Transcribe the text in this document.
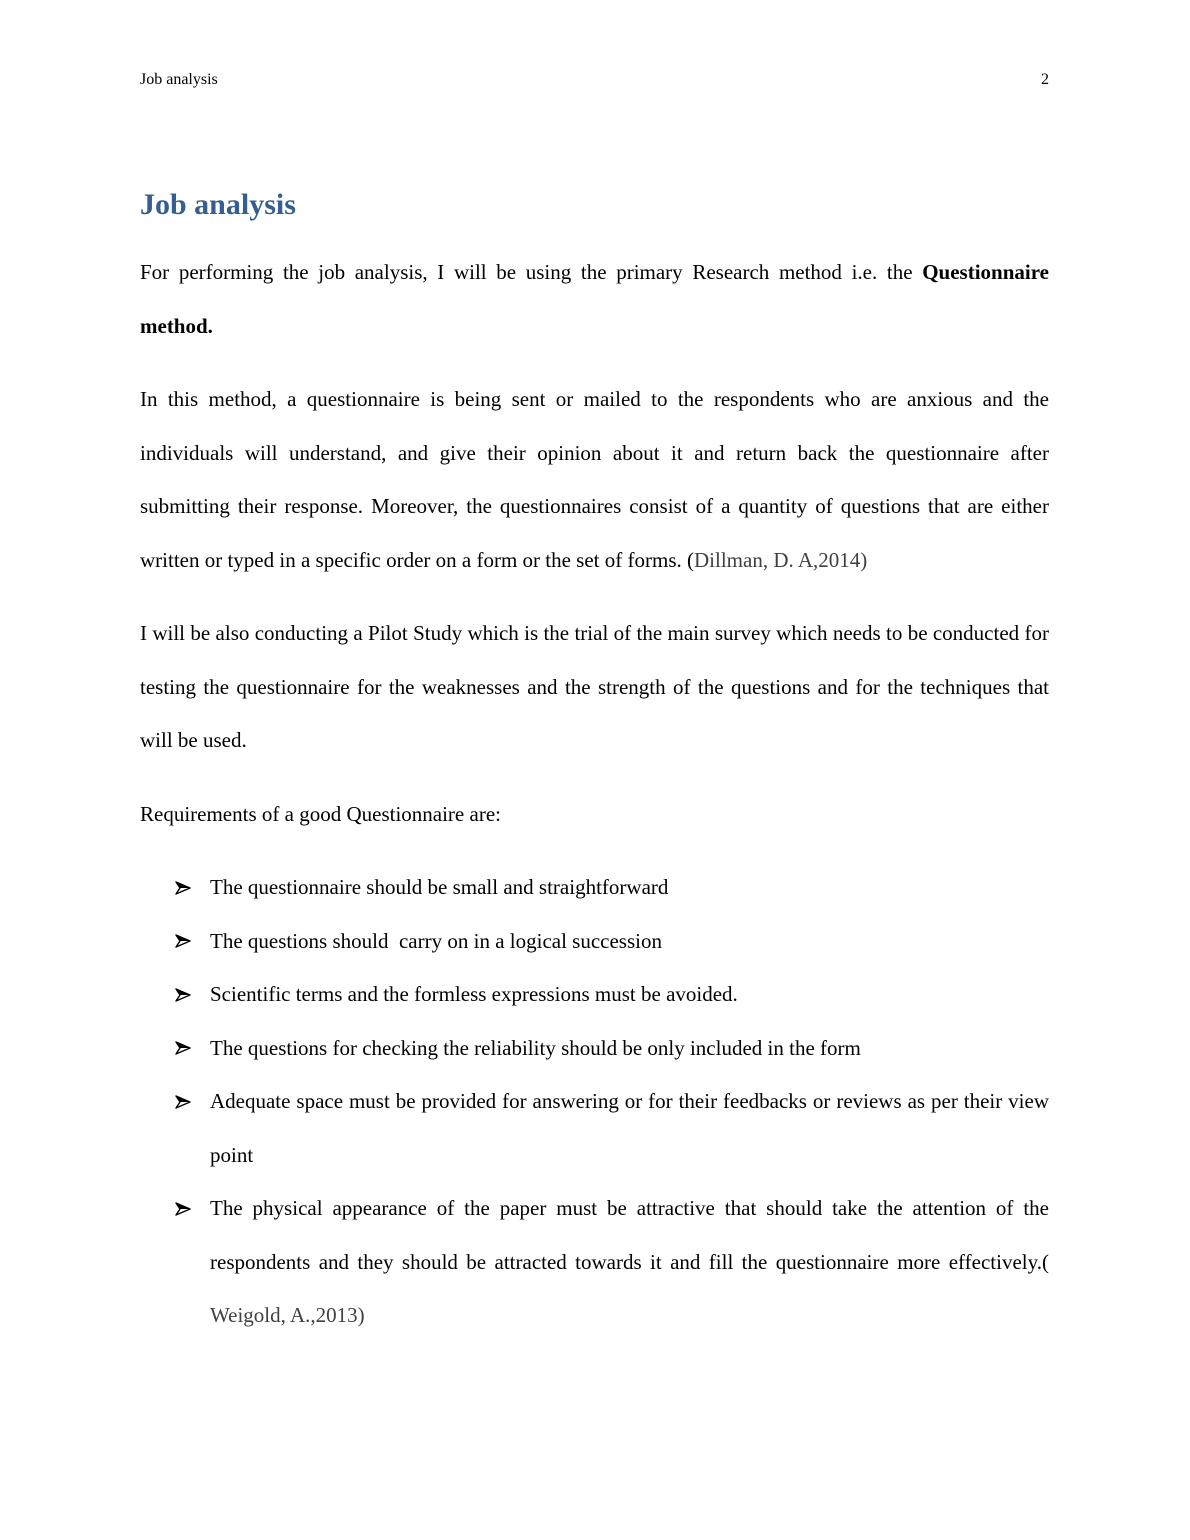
Job analysis	2
Job analysis

For performing the job analysis, I will be using the primary Research method i.e. the Questionnaire method.

In this method, a questionnaire is being sent or mailed to the respondents who are anxious and the individuals will understand, and give their opinion about it and return back the questionnaire after submitting their response. Moreover, the questionnaires consist of a quantity of questions that are either written or typed in a specific order on a form or the set of forms. (Dillman, D. A,2014)

I will be also conducting a Pilot Study which is the trial of the main survey which needs to be conducted for testing the questionnaire for the weaknesses and the strength of the questions and for the techniques that will be used.

Requirements of a good Questionnaire are:

The questionnaire should be small and straightforward
The questions should  carry on in a logical succession
Scientific terms and the formless expressions must be avoided.
The questions for checking the reliability should be only included in the form
Adequate space must be provided for answering or for their feedbacks or reviews as per their view point
The physical appearance of the paper must be attractive that should take the attention of the respondents and they should be attracted towards it and fill the questionnaire more effectively.( Weigold, A.,2013)
